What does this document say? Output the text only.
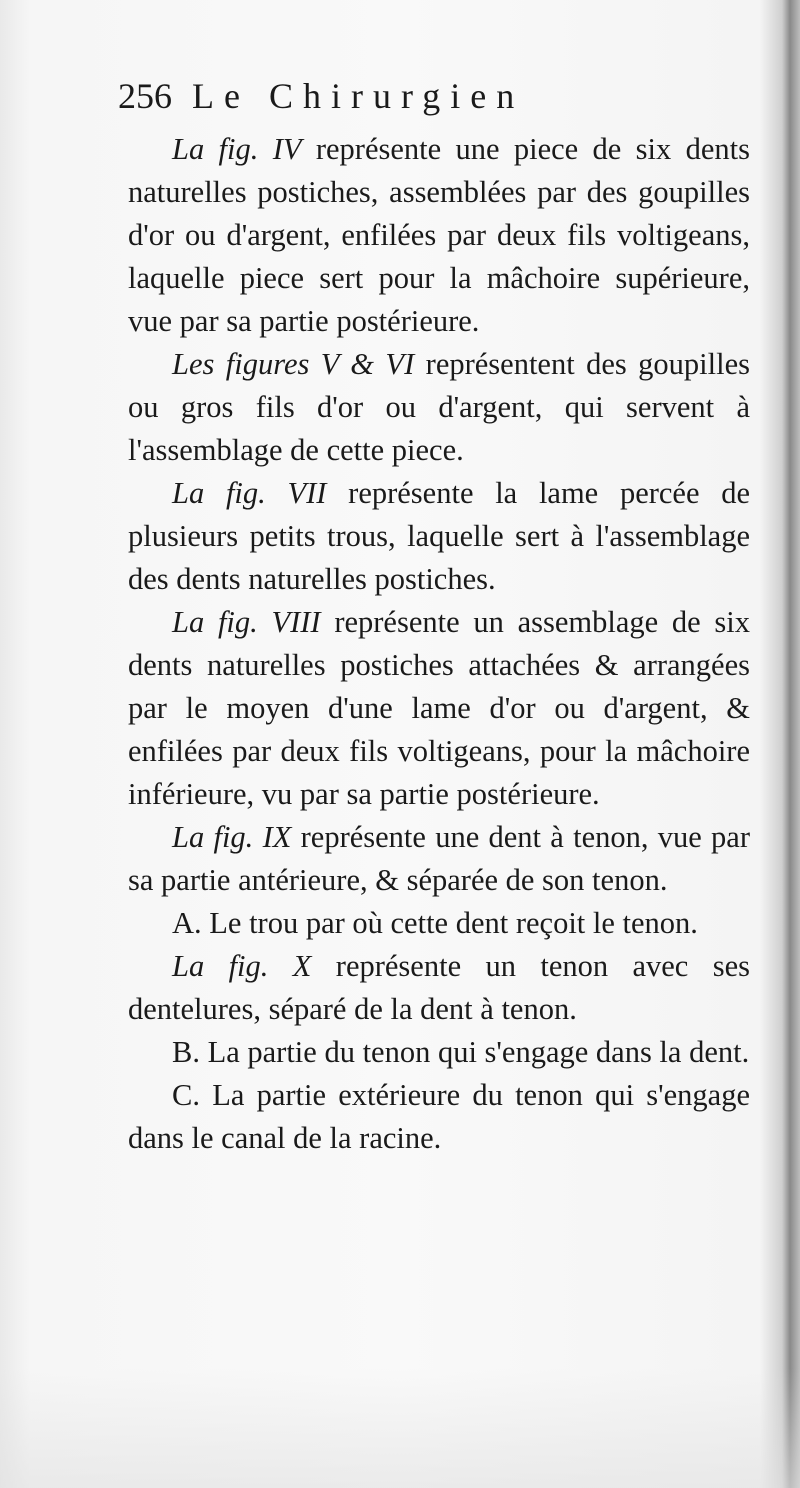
256 Le Chirurgien

La fig. IV représente une piece de six dents naturelles postiches, assemblées par des goupilles d'or ou d'argent, enfilées par deux fils voltigeans, laquelle piece sert pour la mâchoire supérieure, vue par sa partie postérieure.

Les figures V & VI représentent des goupilles ou gros fils d'or ou d'argent, qui servent à l'assemblage de cette piece.

La fig. VII représente la lame percée de plusieurs petits trous, laquelle sert à l'assemblage des dents naturelles postiches.

La fig. VIII représente un assemblage de six dents naturelles postiches attachées & arrangées par le moyen d'une lame d'or ou d'argent, & enfilées par deux fils voltigeans, pour la mâchoire inférieure, vu par sa partie postérieure.

La fig. IX représente une dent à tenon, vue par sa partie antérieure, & séparée de son tenon.

A. Le trou par où cette dent reçoit le tenon.

La fig. X représente un tenon avec ses dentelures, séparé de la dent à tenon.

B. La partie du tenon qui s'engage dans la dent.

C. La partie extérieure du tenon qui s'engage dans le canal de la racine.
